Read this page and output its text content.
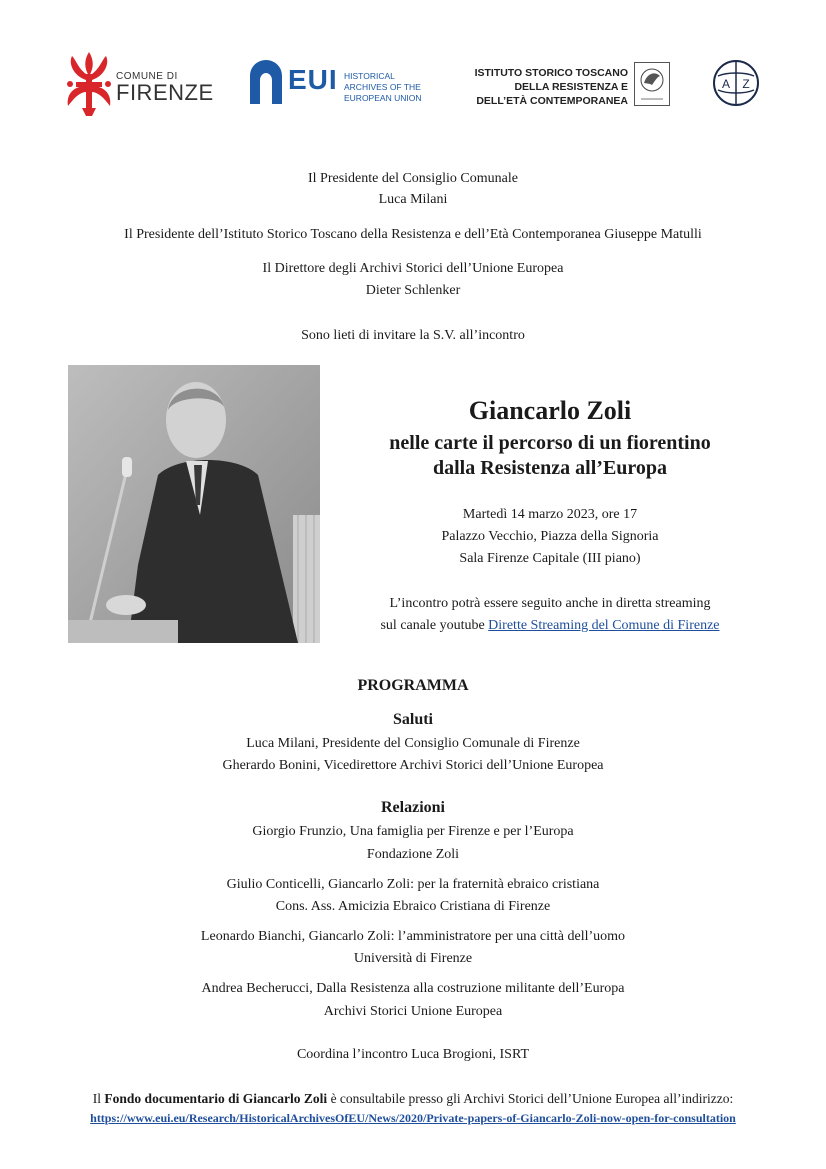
COMUNE DI
FIRENZE	EUI HISTORICAL
ARCHIVES OF THE
EUROPEAN UNION
ISTITUTO STORICO TOSCANO
DELLA RESISTENZA E
DELL’ETÀ CONTEMPORANEA
A Z
Il Presidente del Consiglio Comunale
Luca Milani
Il Presidente dell’Istituto Storico Toscano della Resistenza e dell’Età Contemporanea Giuseppe Matulli
Il Direttore degli Archivi Storici dell’Unione Europea
Dieter Schlenker
Sono lieti di invitare la S.V. all’incontro
Giancarlo Zoli
nelle carte il percorso di un fiorentino
dalla Resistenza all’Europa
Martedì 14 marzo 2023, ore 17
Palazzo Vecchio, Piazza della Signoria
Sala Firenze Capitale (III piano)
L’incontro potrà essere seguito anche in diretta streaming
sul canale youtube Dirette Streaming del Comune di Firenze
PROGRAMMA
Saluti
Luca Milani, Presidente del Consiglio Comunale di Firenze
Gherardo Bonini, Vicedirettore Archivi Storici dell’Unione Europea
Relazioni
Giorgio Frunzio, Una famiglia per Firenze e per l’Europa
Fondazione Zoli
Giulio Conticelli, Giancarlo Zoli: per la fraternità ebraico cristiana
Cons. Ass. Amicizia Ebraico Cristiana di Firenze
Leonardo Bianchi, Giancarlo Zoli: l’amministratore per una città dell’uomo
Università di Firenze
Andrea Becherucci, Dalla Resistenza alla costruzione militante dell’Europa
Archivi Storici Unione Europea
Coordina l’incontro Luca Brogioni, ISRT
Il Fondo documentario di Giancarlo Zoli è consultabile presso gli Archivi Storici dell’Unione Europea all’indirizzo:
https://www.eui.eu/Research/HistoricalArchivesOfEU/News/2020/Private-papers-of-Giancarlo-Zoli-now-open-for-consultation
